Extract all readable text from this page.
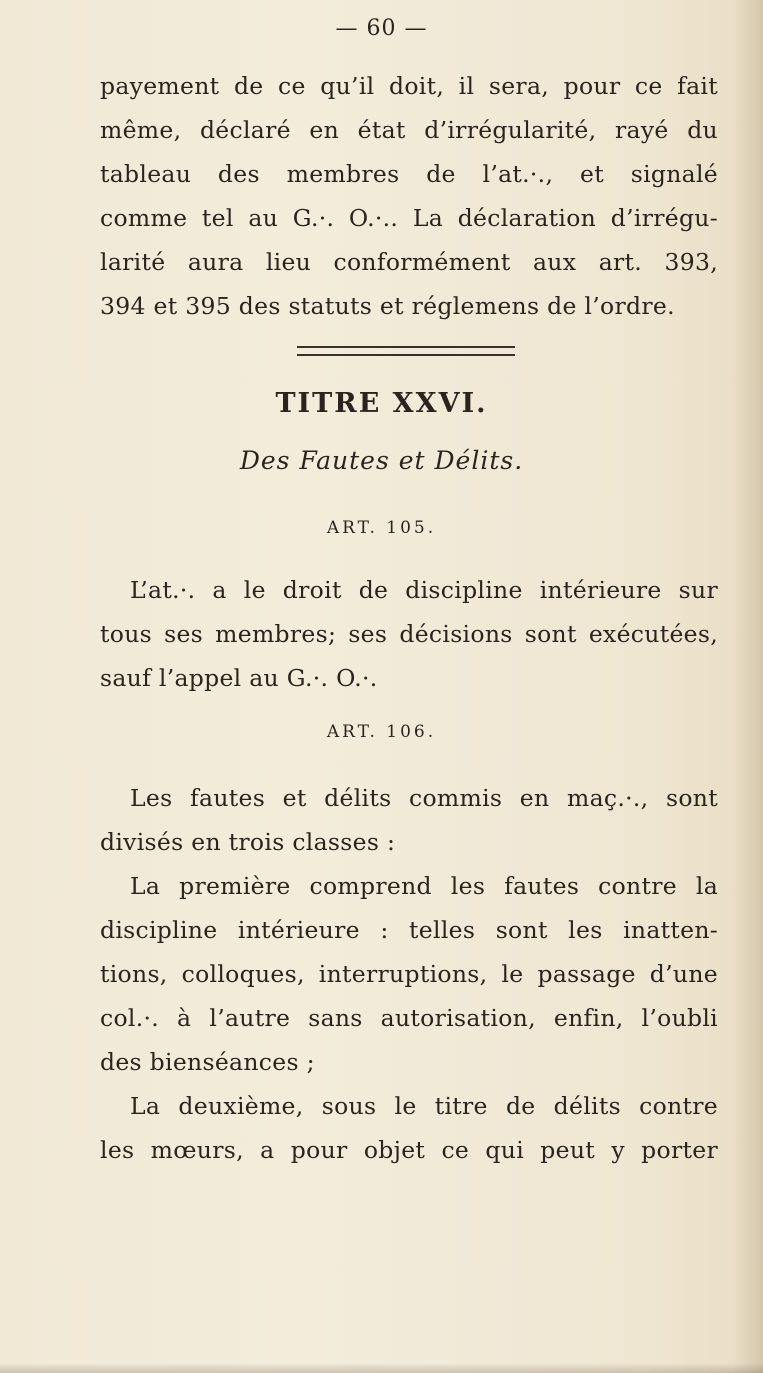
— 60 —
payement de ce qu’il doit, il sera, pour ce fait
même, déclaré en état d’irrégularité, rayé du
tableau des membres de l’at.·., et signalé
comme tel au G.·. O.·.. La déclaration d’irrégu-
larité aura lieu conformément aux art. 393,
394 et 395 des statuts et réglemens de l’ordre.
TITRE XXVI.
Des Fautes et Délits.
ART. 105.
L’at.·. a le droit de discipline intérieure sur
tous ses membres; ses décisions sont exécutées,
sauf l’appel au G.·. O.·.
ART. 106.
Les fautes et délits commis en maç.·., sont
divisés en trois classes :
La première comprend les fautes contre la
discipline intérieure : telles sont les inatten-
tions, colloques, interruptions, le passage d’une
col.·. à l’autre sans autorisation, enfin, l’oubli
des bienséances ;
La deuxième, sous le titre de délits contre
les mœurs, a pour objet ce qui peut y porter
